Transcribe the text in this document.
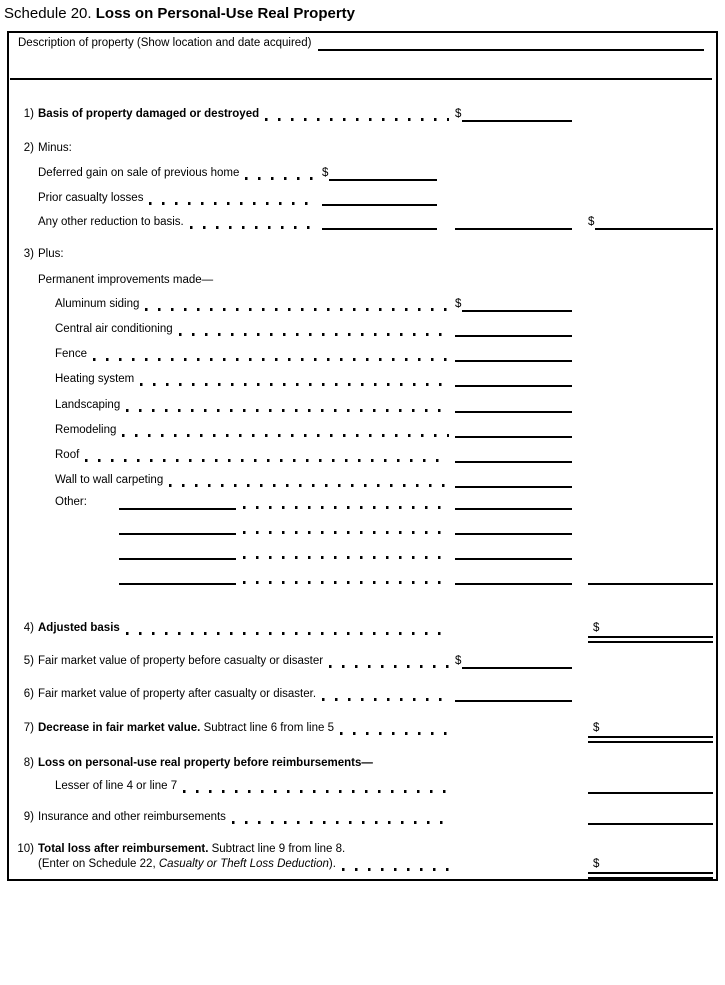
Schedule 20. Loss on Personal-Use Real Property
Description of property (Show location and date acquired)
1) Basis of property damaged or destroyed	$
2) Minus:
Deferred gain on sale of previous home	$
Prior casualty losses
Any other reduction to basis.	$
3) Plus:
Permanent improvements made—
Aluminum siding	$
Central air conditioning
Fence
Heating system
Landscaping
Remodeling
Roof
Wall to wall carpeting
Other:
4) Adjusted basis	$
5) Fair market value of property before casualty or disaster	$
6) Fair market value of property after casualty or disaster.
7) Decrease in fair market value. Subtract line 6 from line 5	$
8) Loss on personal-use real property before reimbursements—
Lesser of line 4 or line 7
9) Insurance and other reimbursements
10) Total loss after reimbursement. Subtract line 9 from line 8.
(Enter on Schedule 22, Casualty or Theft Loss Deduction).	$
